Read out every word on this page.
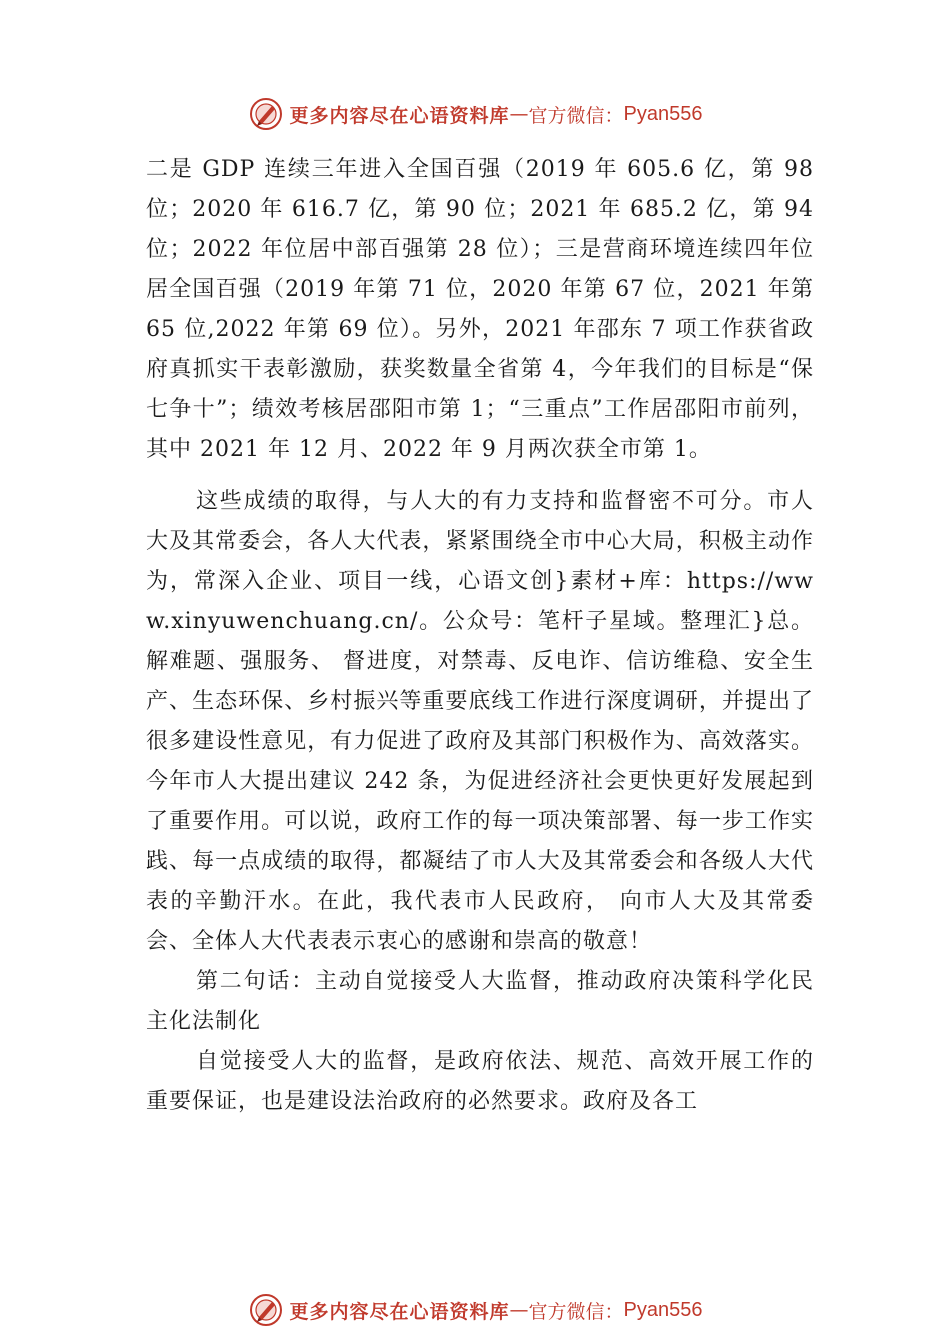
更多内容尽在心语资料库 — 官方微信： Pyan556

二是 GDP 连续三年进入全国百强（2019 年 605.6 亿，第 98 位；2020 年 616.7 亿，第 90 位；2021 年 685.2 亿，第 94 位；2022 年位居中部百强第 28 位）；三是营商环境连续四年位居全国百强（2019 年第 71 位，2020 年第 67 位，2021 年第 65 位,2022 年第 69 位）。另外，2021 年邵东 7 项工作获省政府真抓实干表彰激励，获奖数量全省第 4，今年我们的目标是“保七争十”；绩效考核居邵阳市第 1；“三重点”工作居邵阳市前列，其中 2021 年 12 月、2022 年 9 月两次获全市第 1。

这些成绩的取得，与人大的有力支持和监督密不可分。市人大及其常委会，各人大代表，紧紧围绕全市中心大局，积极主动作为，常深入企业、项目一线，心语文创}素材+库：https://www.xinyuwenchuang.cn/。公众号：笔杆子星域。整理汇}总。解难题、强服务、 督进度，对禁毒、反电诈、信访维稳、安全生产、生态环保、乡村振兴等重要底线工作进行深度调研，并提出了很多建设性意见，有力促进了政府及其部门积极作为、高效落实。今年市人大提出建议 242 条，为促进经济社会更快更好发展起到了重要作用。可以说，政府工作的每一项决策部署、每一步工作实践、每一点成绩的取得，都凝结了市人大及其常委会和各级人大代表的辛勤汗水。在此，我代表市人民政府， 向市人大及其常委会、全体人大代表表示衷心的感谢和崇高的敬意！

第二句话：主动自觉接受人大监督，推动政府决策科学化民主化法制化

自觉接受人大的监督，是政府依法、规范、高效开展工作的重要保证，也是建设法治政府的必然要求。政府及各工

更多内容尽在心语资料库 — 官方微信： Pyan556
